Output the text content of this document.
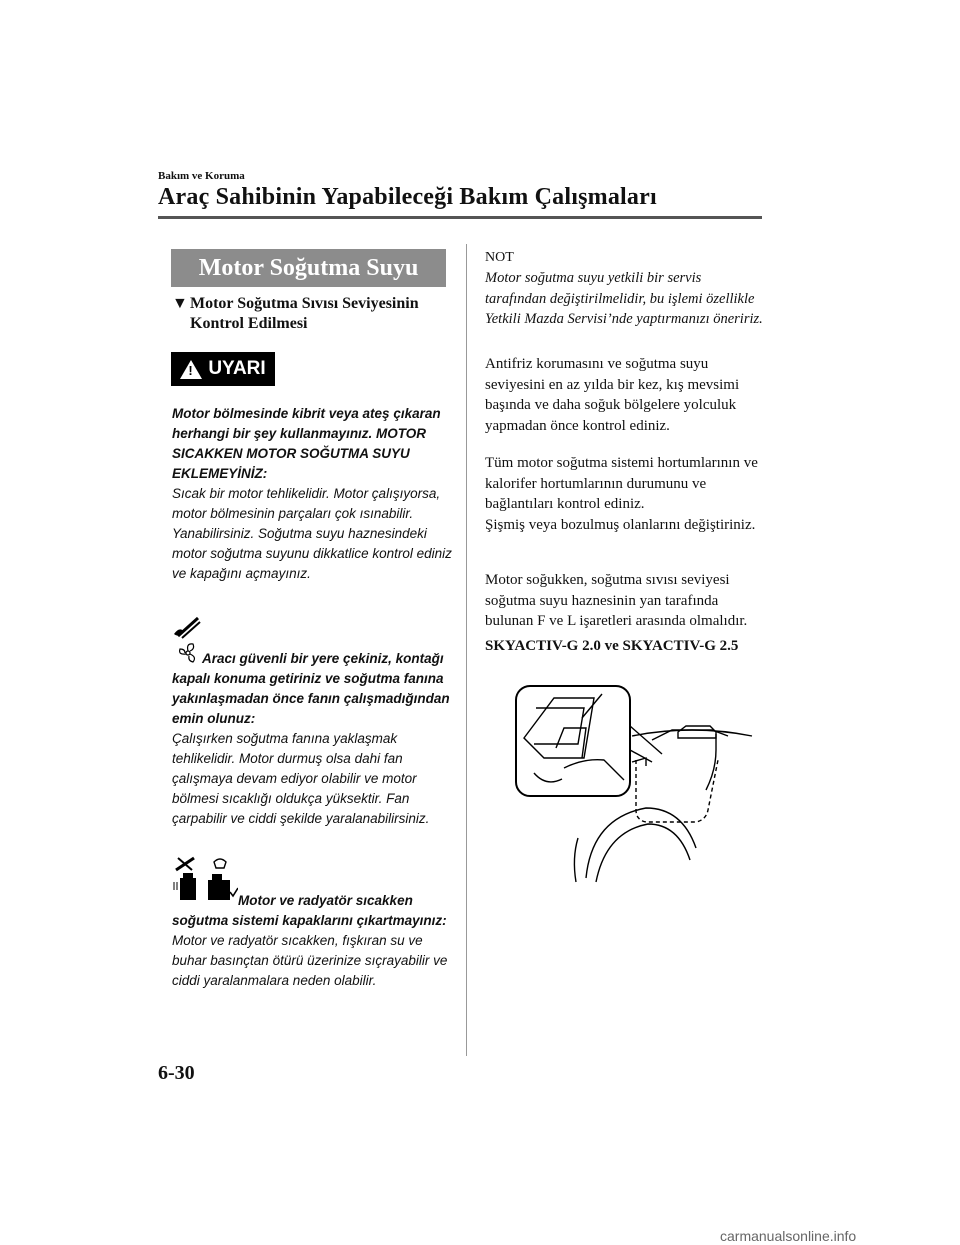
Bakım ve Koruma
Araç Sahibinin Yapabileceği Bakım Çalışmaları
Motor Soğutma Suyu
▼ Motor Soğutma Sıvısı Seviyesinin
Kontrol Edilmesi
! UYARI
Motor bölmesinde kibrit veya ateş çıkaran herhangi bir şey kullanmayınız. MOTOR SICAKKEN MOTOR SOĞUTMA SUYU EKLEMEYİNİZ:
Sıcak bir motor tehlikelidir. Motor çalışıyorsa, motor bölmesinin parçaları çok ısınabilir. Yanabilirsiniz. Soğutma suyu haznesindeki motor soğutma suyunu dikkatlice kontrol ediniz ve kapağını açmayınız.
Aracı güvenli bir yere çekiniz, kontağı kapalı konuma getiriniz ve soğutma fanına yakınlaşmadan önce fanın çalışmadığından emin olunuz:
Çalışırken soğutma fanına yaklaşmak tehlikelidir. Motor durmuş olsa dahi fan çalışmaya devam ediyor olabilir ve motor bölmesi sıcaklığı oldukça yüksektir. Fan çarpabilir ve ciddi şekilde yaralanabilirsiniz.
Motor ve radyatör sıcakken soğutma sistemi kapaklarını çıkartmayınız:
Motor ve radyatör sıcakken, fışkıran su ve buhar basınçtan ötürü üzerinize sıçrayabilir ve ciddi yaralanmalara neden olabilir.
NOT
Motor soğutma suyu yetkili bir servis tarafından değiştirilmelidir, bu işlemi özellikle Yetkili Mazda Servisi’nde yaptırmanızı öneririz.
Antifriz korumasını ve soğutma suyu seviyesini en az yılda bir kez, kış mevsimi başında ve daha soğuk bölgelere yolculuk yapmadan önce kontrol ediniz.
Tüm motor soğutma sistemi hortumlarının ve kalorifer hortumlarının durumunu ve bağlantıları kontrol ediniz.
Şişmiş veya bozulmuş olanlarını değiştiriniz.
Motor soğukken, soğutma sıvısı seviyesi soğutma suyu haznesinin yan tarafında bulunan F ve L işaretleri arasında olmalıdır.
SKYACTIV-G 2.0 ve SKYACTIV-G 2.5
6-30
carmanualsonline.info
